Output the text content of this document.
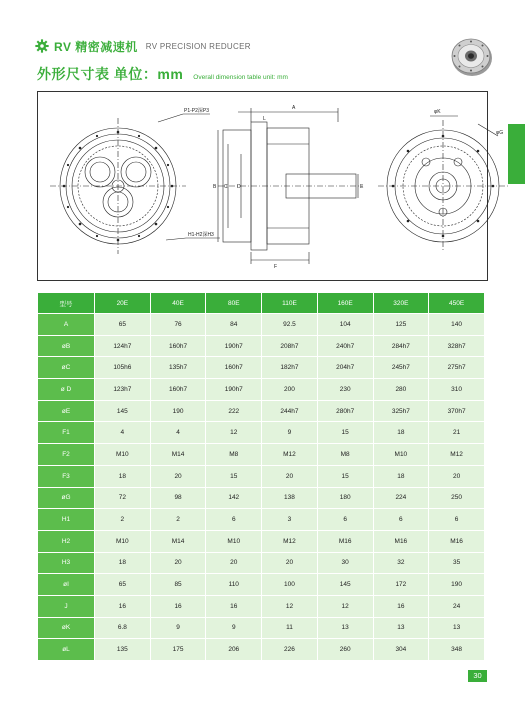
RV 精密减速机 RV PRECISION REDUCER
外形尺寸表 单位：mm Overall dimension table unit: mm
P1-P2深P3
H1-H2深H3
A
B C D	E
F
L
φK
φG
型号	20E	40E	80E	110E	160E	320E	450E
A	65	76	84	92.5	104	125	140
øB	124h7	160h7	190h7	208h7	240h7	284h7	328h7
øC	105h6	135h7	160h7	182h7	204h7	245h7	275h7
ø D	123h7	160h7	190h7	200	230	280	310
øE	145	190	222	244h7	280h7	325h7	370h7
F1	4	4	12	9	15	18	21
F2	M10	M14	M8	M12	M8	M10	M12
F3	18	20	15	20	15	18	20
øG	72	98	142	138	180	224	250
H1	2	2	6	3	6	6	6
H2	M10	M14	M10	M12	M16	M16	M16
H3	18	20	20	20	30	32	35
øI	65	85	110	100	145	172	190
J	16	16	16	12	12	16	24
øK	6.8	9	9	11	13	13	13
øL	135	175	206	226	260	304	348
30
